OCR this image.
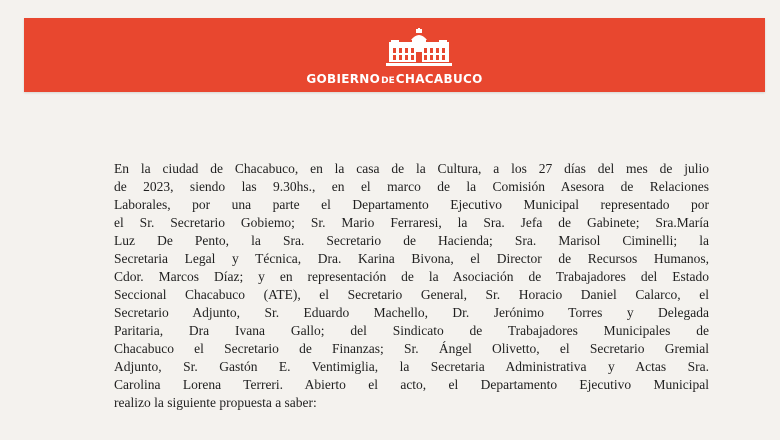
GOBIERNODECHACABUCO
En la ciudad de Chacabuco, en la casa de la Cultura, a los 27 días del mes de julio
de 2023, siendo las 9.30hs., en el marco de la Comisión Asesora de Relaciones
Laborales, por una parte el Departamento Ejecutivo Municipal representado por
el Sr. Secretario Gobiemo; Sr. Mario Ferraresi, la Sra. Jefa de Gabinete; Sra.María
Luz De Pento, la Sra. Secretario de Hacienda; Sra. Marisol Ciminelli; la
Secretaria Legal y Técnica, Dra. Karina Bivona, el Director de Recursos Humanos,
Cdor. Marcos Díaz; y en representación de la Asociación de Trabajadores del Estado
Seccional Chacabuco (ATE), el Secretario General, Sr. Horacio Daniel Calarco, el
Secretario Adjunto, Sr. Eduardo Machello, Dr. Jerónimo Torres y Delegada
Paritaria, Dra Ivana Gallo; del Sindicato de Trabajadores Municipales de
Chacabuco el Secretario de Finanzas; Sr. Ángel Olivetto, el Secretario Gremial
Adjunto, Sr. Gastón E. Ventimiglia, la Secretaria Administrativa y Actas Sra.
Carolina Lorena Terreri. Abierto el acto, el Departamento Ejecutivo Municipal
realizo la siguiente propuesta a saber:
